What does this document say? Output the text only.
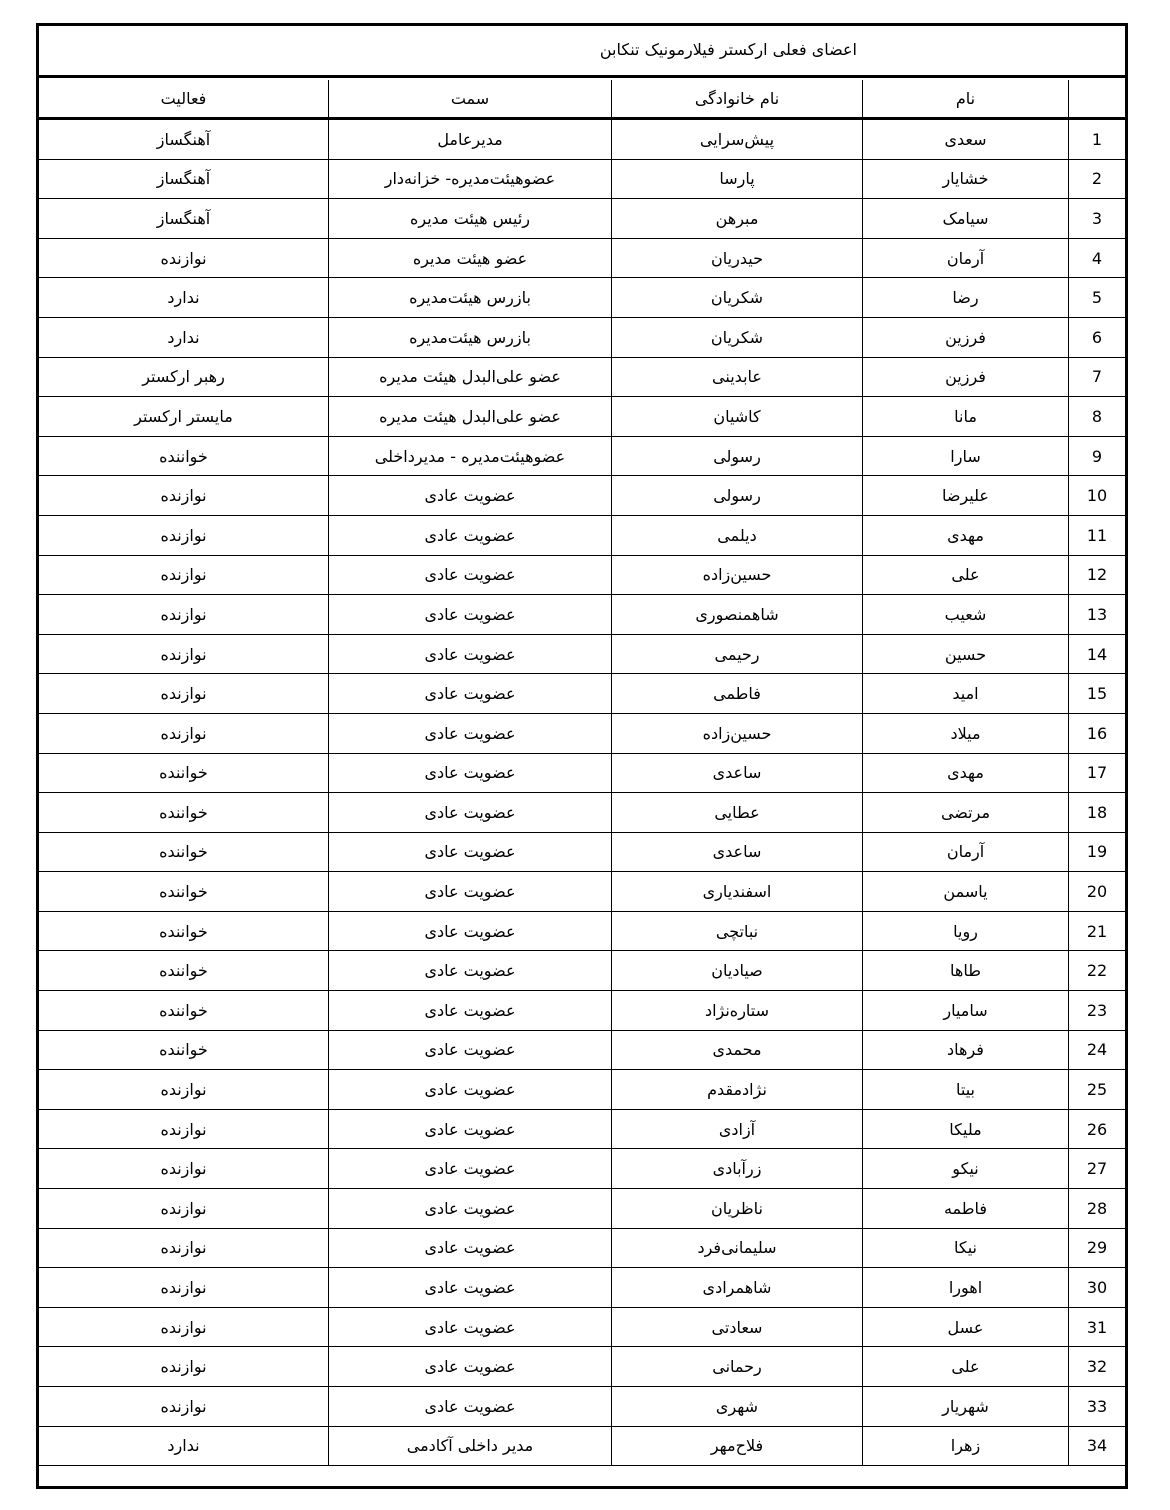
اعضای فعلی ارکستر فیلارمونیک تنکابن
	نام	نام خانوادگی	سمت	فعالیت
1	سعدی	پیش‌سرایی	مدیرعامل	آهنگساز
2	خشایار	پارسا	عضوهیئت‌مدیره- خزانه‌دار	آهنگساز
3	سیامک	مبرهن	رئیس هیئت مدیره	آهنگساز
4	آرمان	حیدریان	عضو هیئت مدیره	نوازنده
5	رضا	شکریان	بازرس هیئت‌مدیره	ندارد
6	فرزین	شکریان	بازرس هیئت‌مدیره	ندارد
7	فرزین	عابدینی	عضو علی‌البدل هیئت مدیره	رهبر ارکستر
8	مانا	کاشیان	عضو علی‌البدل هیئت مدیره	مایستر ارکستر
9	سارا	رسولی	عضوهیئت‌مدیره - مدیرداخلی	خواننده
10	علیرضا	رسولی	عضویت عادی	نوازنده
11	مهدی	دیلمی	عضویت عادی	نوازنده
12	علی	حسین‌زاده	عضویت عادی	نوازنده
13	شعیب	شاهمنصوری	عضویت عادی	نوازنده
14	حسین	رحیمی	عضویت عادی	نوازنده
15	امید	فاطمی	عضویت عادی	نوازنده
16	میلاد	حسین‌زاده	عضویت عادی	نوازنده
17	مهدی	ساعدی	عضویت عادی	خواننده
18	مرتضی	عطایی	عضویت عادی	خواننده
19	آرمان	ساعدی	عضویت عادی	خواننده
20	یاسمن	اسفندیاری	عضویت عادی	خواننده
21	رویا	نباتچی	عضویت عادی	خواننده
22	طاها	صیادیان	عضویت عادی	خواننده
23	سامیار	ستاره‌نژاد	عضویت عادی	خواننده
24	فرهاد	محمدی	عضویت عادی	خواننده
25	بیتا	نژادمقدم	عضویت عادی	نوازنده
26	ملیکا	آزادی	عضویت عادی	نوازنده
27	نیکو	زرآبادی	عضویت عادی	نوازنده
28	فاطمه	ناظریان	عضویت عادی	نوازنده
29	نیکا	سلیمانی‌فرد	عضویت عادی	نوازنده
30	اهورا	شاهمرادی	عضویت عادی	نوازنده
31	عسل	سعادتی	عضویت عادی	نوازنده
32	علی	رحمانی	عضویت عادی	نوازنده
33	شهریار	شهری	عضویت عادی	نوازنده
34	زهرا	فلاح‌مهر	مدیر داخلی آکادمی	ندارد
